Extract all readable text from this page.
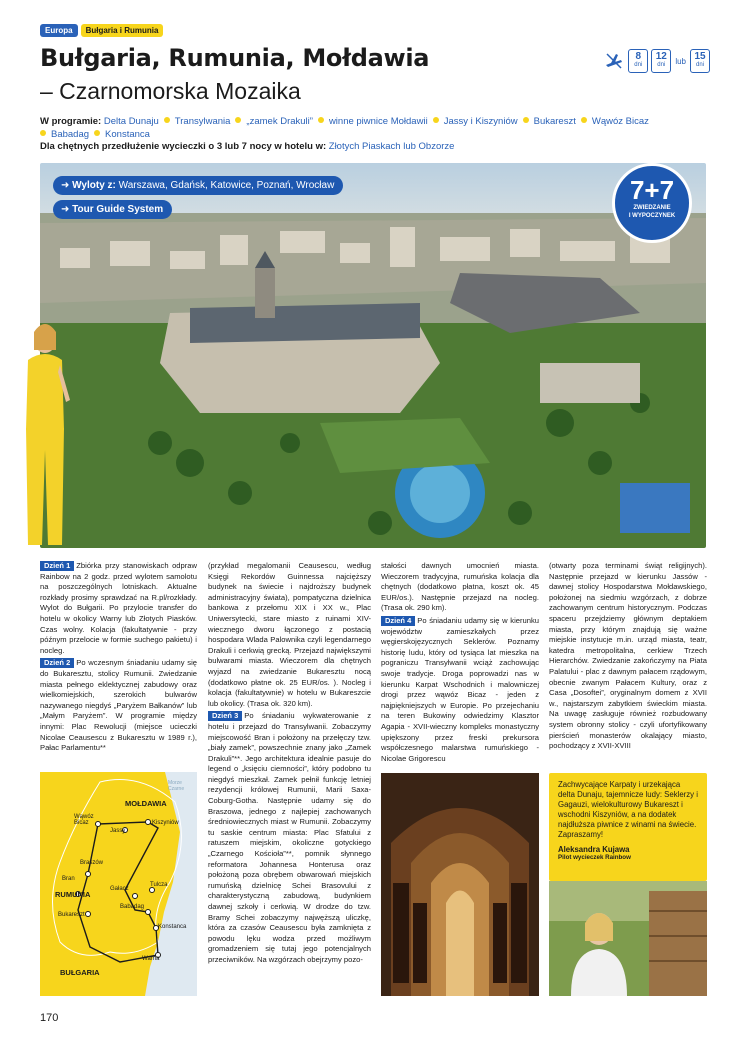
Europa	Bułgaria i Rumunia
Bułgaria, Rumunia, Mołdawia
– Czarnomorska Mozaika
8
dni
12
dni	lub 15
dni
W programie: Delta Dunaju Transylwania „zamek Drakuli” winne piwnice Mołdawii Jassy i Kiszyniów Bukareszt Wąwóz Bicaz
Babadag Konstanca
Dla chętnych przedłużenie wycieczki o 3 lub 7 nocy w hotelu w: Złotych Piaskach lub Obzorze
➜ Wyloty z: Warszawa, Gdańsk, Katowice, Poznań, Wrocław
➜ Tour Guide System
7+7
ZWIEDZANIE
I WYPOCZYNEK
Dzień 1 Zbiórka przy stanowiskach odpraw Rainbow na 2 godz. przed wylotem samolotu na poszczególnych lotniskach. Aktualne rozkłady prosimy sprawdzać na R.pl/rozkłady. Wylot do Bułgarii. Po przylocie transfer do hotelu w okolicy Warny lub Złotych Piasków. Czas wolny. Kolacja (fakultatywnie - przy późnym przelocie w formie suchego pakietu) i nocleg.
Dzień 2 Po wczesnym śniadaniu udamy się do Bukaresztu, stolicy Rumunii. Zwiedzanie miasta pełnego eklektycznej zabudowy oraz wielkomiejskich, szerokich bulwarów nazywanego niegdyś „Paryżem Bałkanów” lub „Małym Paryżem”. W programie między innymi: Plac Rewolucji (miejsce ucieczki Nicolae Ceausescu z Bukaresztu w 1989 r.), Pałac Parlamentu**
(przykład megalomanii Ceausescu, według Księgi Rekordów Guinnessa najcięższy budynek na świecie i najdroższy budynek administracyjny świata), pompatyczna dzielnica bankowa z przełomu XIX i XX w., Plac Uniwersytecki, stare miasto z ruinami XIV-wiecznego dworu łączonego z postacią hospodara Wlada Palownika czyli legendarnego Drakuli i cerkwią grecką. Przejazd największymi bulwarami miasta. Wieczorem dla chętnych wyjazd na zwiedzanie Bukaresztu nocą (dodatkowo płatne ok. 25 EUR/os. ). Nocleg i kolacja (fakultatywnie) w hotelu w Bukareszcie lub okolicy. (Trasa ok. 320 km).
Dzień 3 Po śniadaniu wykwaterowanie z hotelu i przejazd do Transylwanii. Zobaczymy miejscowość Bran i położony na przełęczy tzw. „biały zamek”, powszechnie znany jako „Zamek Drakuli”**. Jego architektura idealnie pasuje do legend o „księciu ciemności”, który podobno tu niegdyś mieszkał. Zamek pełnił funkcję letniej rezydencji królowej Rumunii, Marii Saxa-Coburg-Gotha. Następnie udamy się do Braszowa, jednego z najlepiej zachowanych średniowiecznych miast w Rumunii. Zobaczymy tu saskie centrum miasta: Plac Sfatului z ratuszem miejskim, okoliczne gotyckiego „Czarnego Kościoła”**, pomnik słynnego reformatora Johannesa Honterusa oraz położoną poza obrębem obwarowań miejskich rumuńską dzielnicę Schei Brasovului z charakterystyczną zabudową, budynkiem dawnej szkoły i cerkwią. W drodze do tzw. Bramy Schei zobaczymy najwęższą uliczkę, która za czasów Ceausescu była zamknięta z powodu lęku wodza przed możliwym gromadzeniem się tutaj jego potencjalnych przeciwników. Na wzgórzach obejrzymy pozo-
stałości dawnych umocnień miasta. Wieczorem tradycyjna, rumuńska kolacja dla chętnych (dodatkowo płatna, koszt ok. 45 EUR/os.). Następnie przejazd na nocleg. (Trasa ok. 290 km).
Dzień 4 Po śniadaniu udamy się w kierunku województw zamieszkałych przez węgierskojęzycznych Seklerów. Poznamy historię ludu, który od tysiąca lat mieszka na pograniczu Transylwanii wciąż zachowując swoje tradycje. Droga poprowadzi nas w kierunku Karpat Wschodnich i malowniczej drogi przez wąwóz Bicaz - jeden z najpiękniejszych w Europie. Po przejechaniu na teren Bukowiny odwiedzimy Klasztor Agapia - XVII-wieczny kompleks monastyczny upiększony przez freski prekursora współczesnego malarstwa rumuńskiego - Nicolae Grigorescu
(otwarty poza terminami świąt religijnych). Następnie przejazd w kierunku Jassów - dawnej stolicy Hospodarstwa Mołdawskiego, położonej na siedmiu wzgórzach, z dobrze zachowanym centrum historycznym. Podczas spaceru przejdziemy głównym deptakiem miasta, przy którym znajdują się ważne miejskie instytucje m.in. urząd miasta, teatr, katedra metropolitalna, cerkiew Trzech Hierarchów. Zwiedzanie zakończymy na Piata Palatului - plac z dawnym pałacem rządowym, obecnie zwanym Pałacem Kultury, oraz z Casa „Dosoftei”, oryginalnym domem z XVII w., najstarszym zabytkiem świeckim miasta. Na uwagę zasługuje również rozbudowany system obronny stolicy - czyli ufortyfikowany pierścień monasterów okalający miasto, pochodzący z XVII-XVIII
MOŁDAWIA
RUMUNIA
BUŁGARIA
Morze Czarne
Wąwóz Bicaz
Jassy
Kiszyniów
Braszów
Bran
Gałacz
Tulcza
Babadag
Bukareszt
Konstanca
Warna
Zachwycające Karpaty i urzekająca delta Dunaju, tajemnicze ludy: Seklerzy i Gagauzi, wielokulturowy Bukareszt i wschodni Kiszyniów, a na dodatek najdłuższa piwnice z winami na świecie. Zapraszamy!
Aleksandra Kujawa
Pilot wycieczek Rainbow
170
